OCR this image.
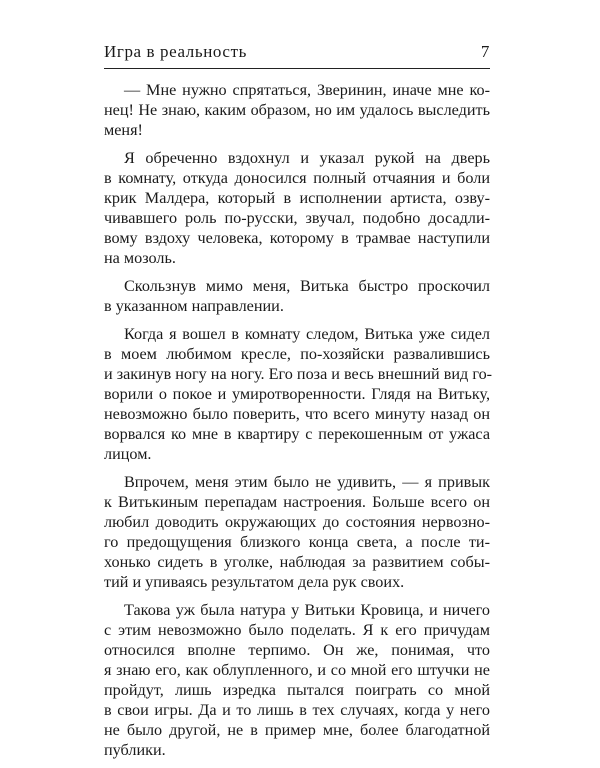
Игра в реальность	7
— Мне нужно спрятаться, Зверинин, иначе мне ко-
нец! Не знаю, каким образом, но им удалось выследить
меня!
Я обреченно вздохнул и указал рукой на дверь
в комнату, откуда доносился полный отчаяния и боли
крик Малдера, который в исполнении артиста, озву-
чивавшего роль по-русски, звучал, подобно досадли-
вому вздоху человека, которому в трамвае наступили
на мозоль.
Скользнув мимо меня, Витька быстро проскочил
в указанном направлении.
Когда я вошел в комнату следом, Витька уже сидел
в моем любимом кресле, по-хозяйски развалившись
и закинув ногу на ногу. Его поза и весь внешний вид го-
ворили о покое и умиротворенности. Глядя на Витьку,
невозможно было поверить, что всего минуту назад он
ворвался ко мне в квартиру с перекошенным от ужаса
лицом.
Впрочем, меня этим было не удивить, — я привык
к Витькиным перепадам настроения. Больше всего он
любил доводить окружающих до состояния нервозно-
го предощущения близкого конца света, а после ти-
хонько сидеть в уголке, наблюдая за развитием собы-
тий и упиваясь результатом дела рук своих.
Такова уж была натура у Витьки Кровица, и ничего
с этим невозможно было поделать. Я к его причудам
относился вполне терпимо. Он же, понимая, что
я знаю его, как облупленного, и со мной его штучки не
пройдут, лишь изредка пытался поиграть со мной
в свои игры. Да и то лишь в тех случаях, когда у него
не было другой, не в пример мне, более благодатной
публики.
